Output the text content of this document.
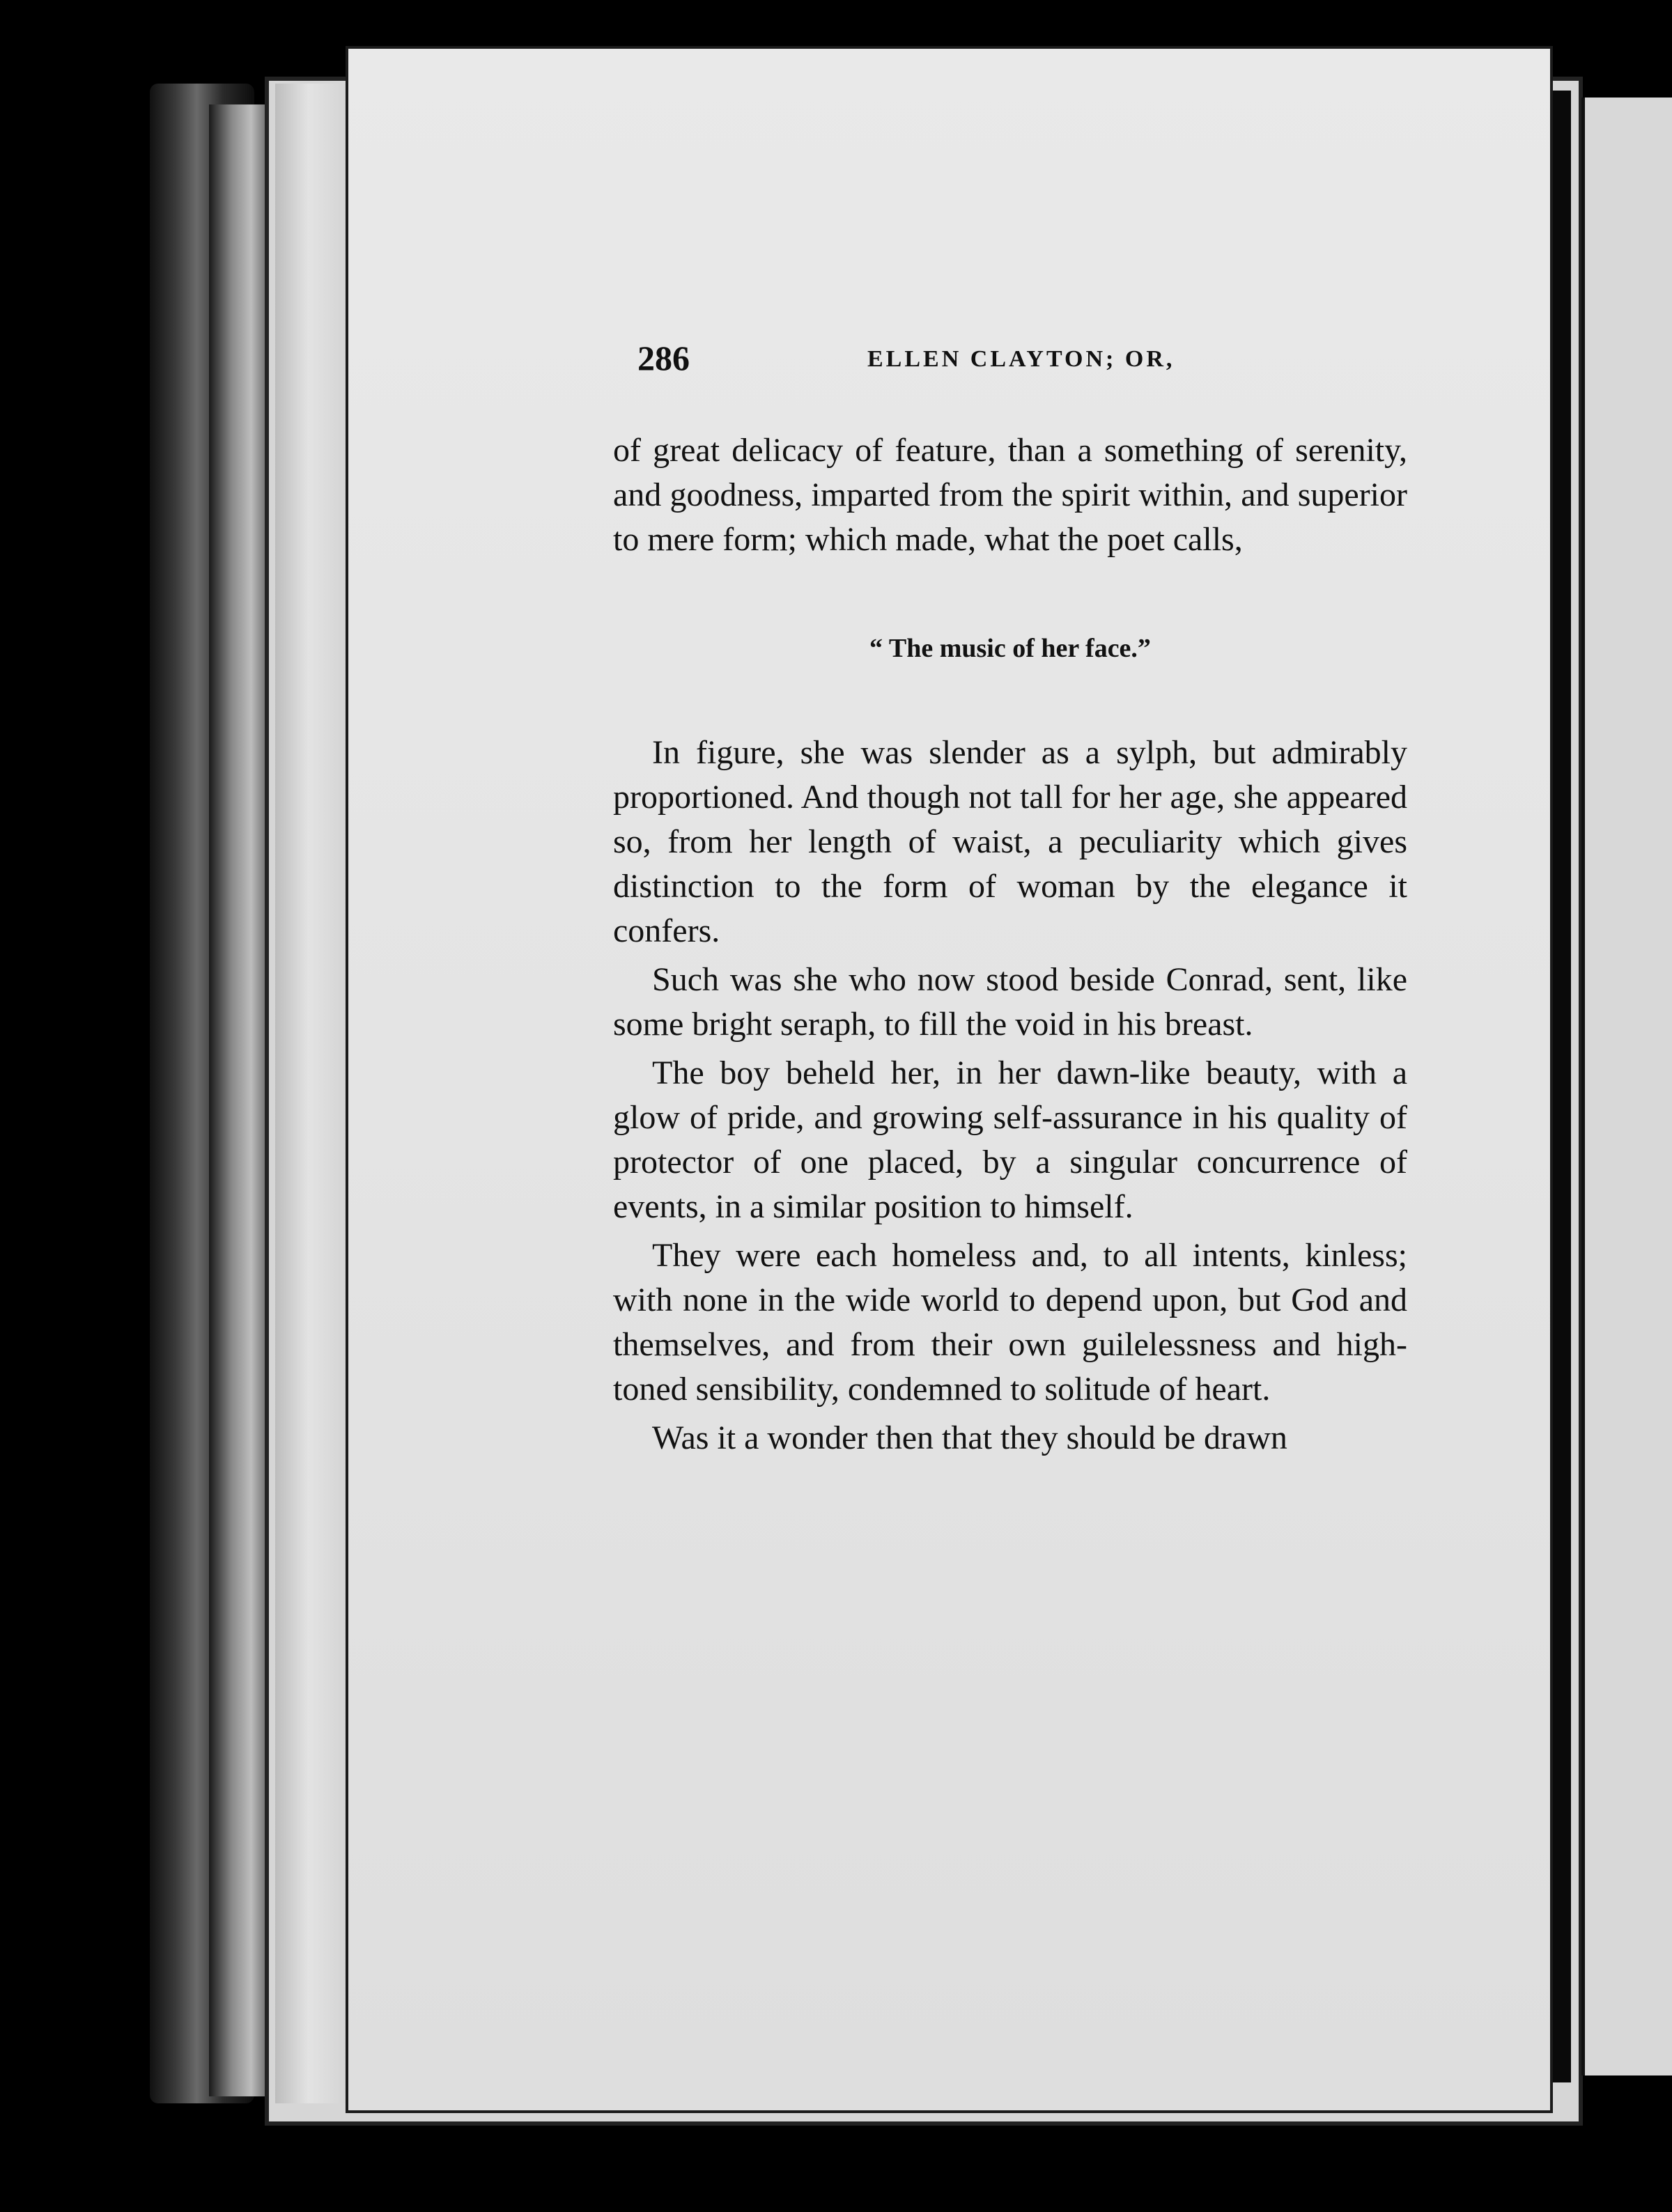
286	ELLEN CLAYTON; OR,

of great delicacy of feature, than a something of serenity, and goodness, imparted from the spirit within, and superior to mere form; which made, what the poet calls,

“ The music of her face.”

In figure, she was slender as a sylph, but admirably proportioned. And though not tall for her age, she appeared so, from her length of waist, a peculiarity which gives distinction to the form of woman by the elegance it confers.

Such was she who now stood beside Conrad, sent, like some bright seraph, to fill the void in his breast.

The boy beheld her, in her dawn-like beauty, with a glow of pride, and growing self-assurance in his quality of protector of one placed, by a singular concurrence of events, in a similar position to himself.

They were each homeless and, to all intents, kinless; with none in the wide world to depend upon, but God and themselves, and from their own guilelessness and high-toned sensibility, condemned to solitude of heart.

Was it a wonder then that they should be drawn
